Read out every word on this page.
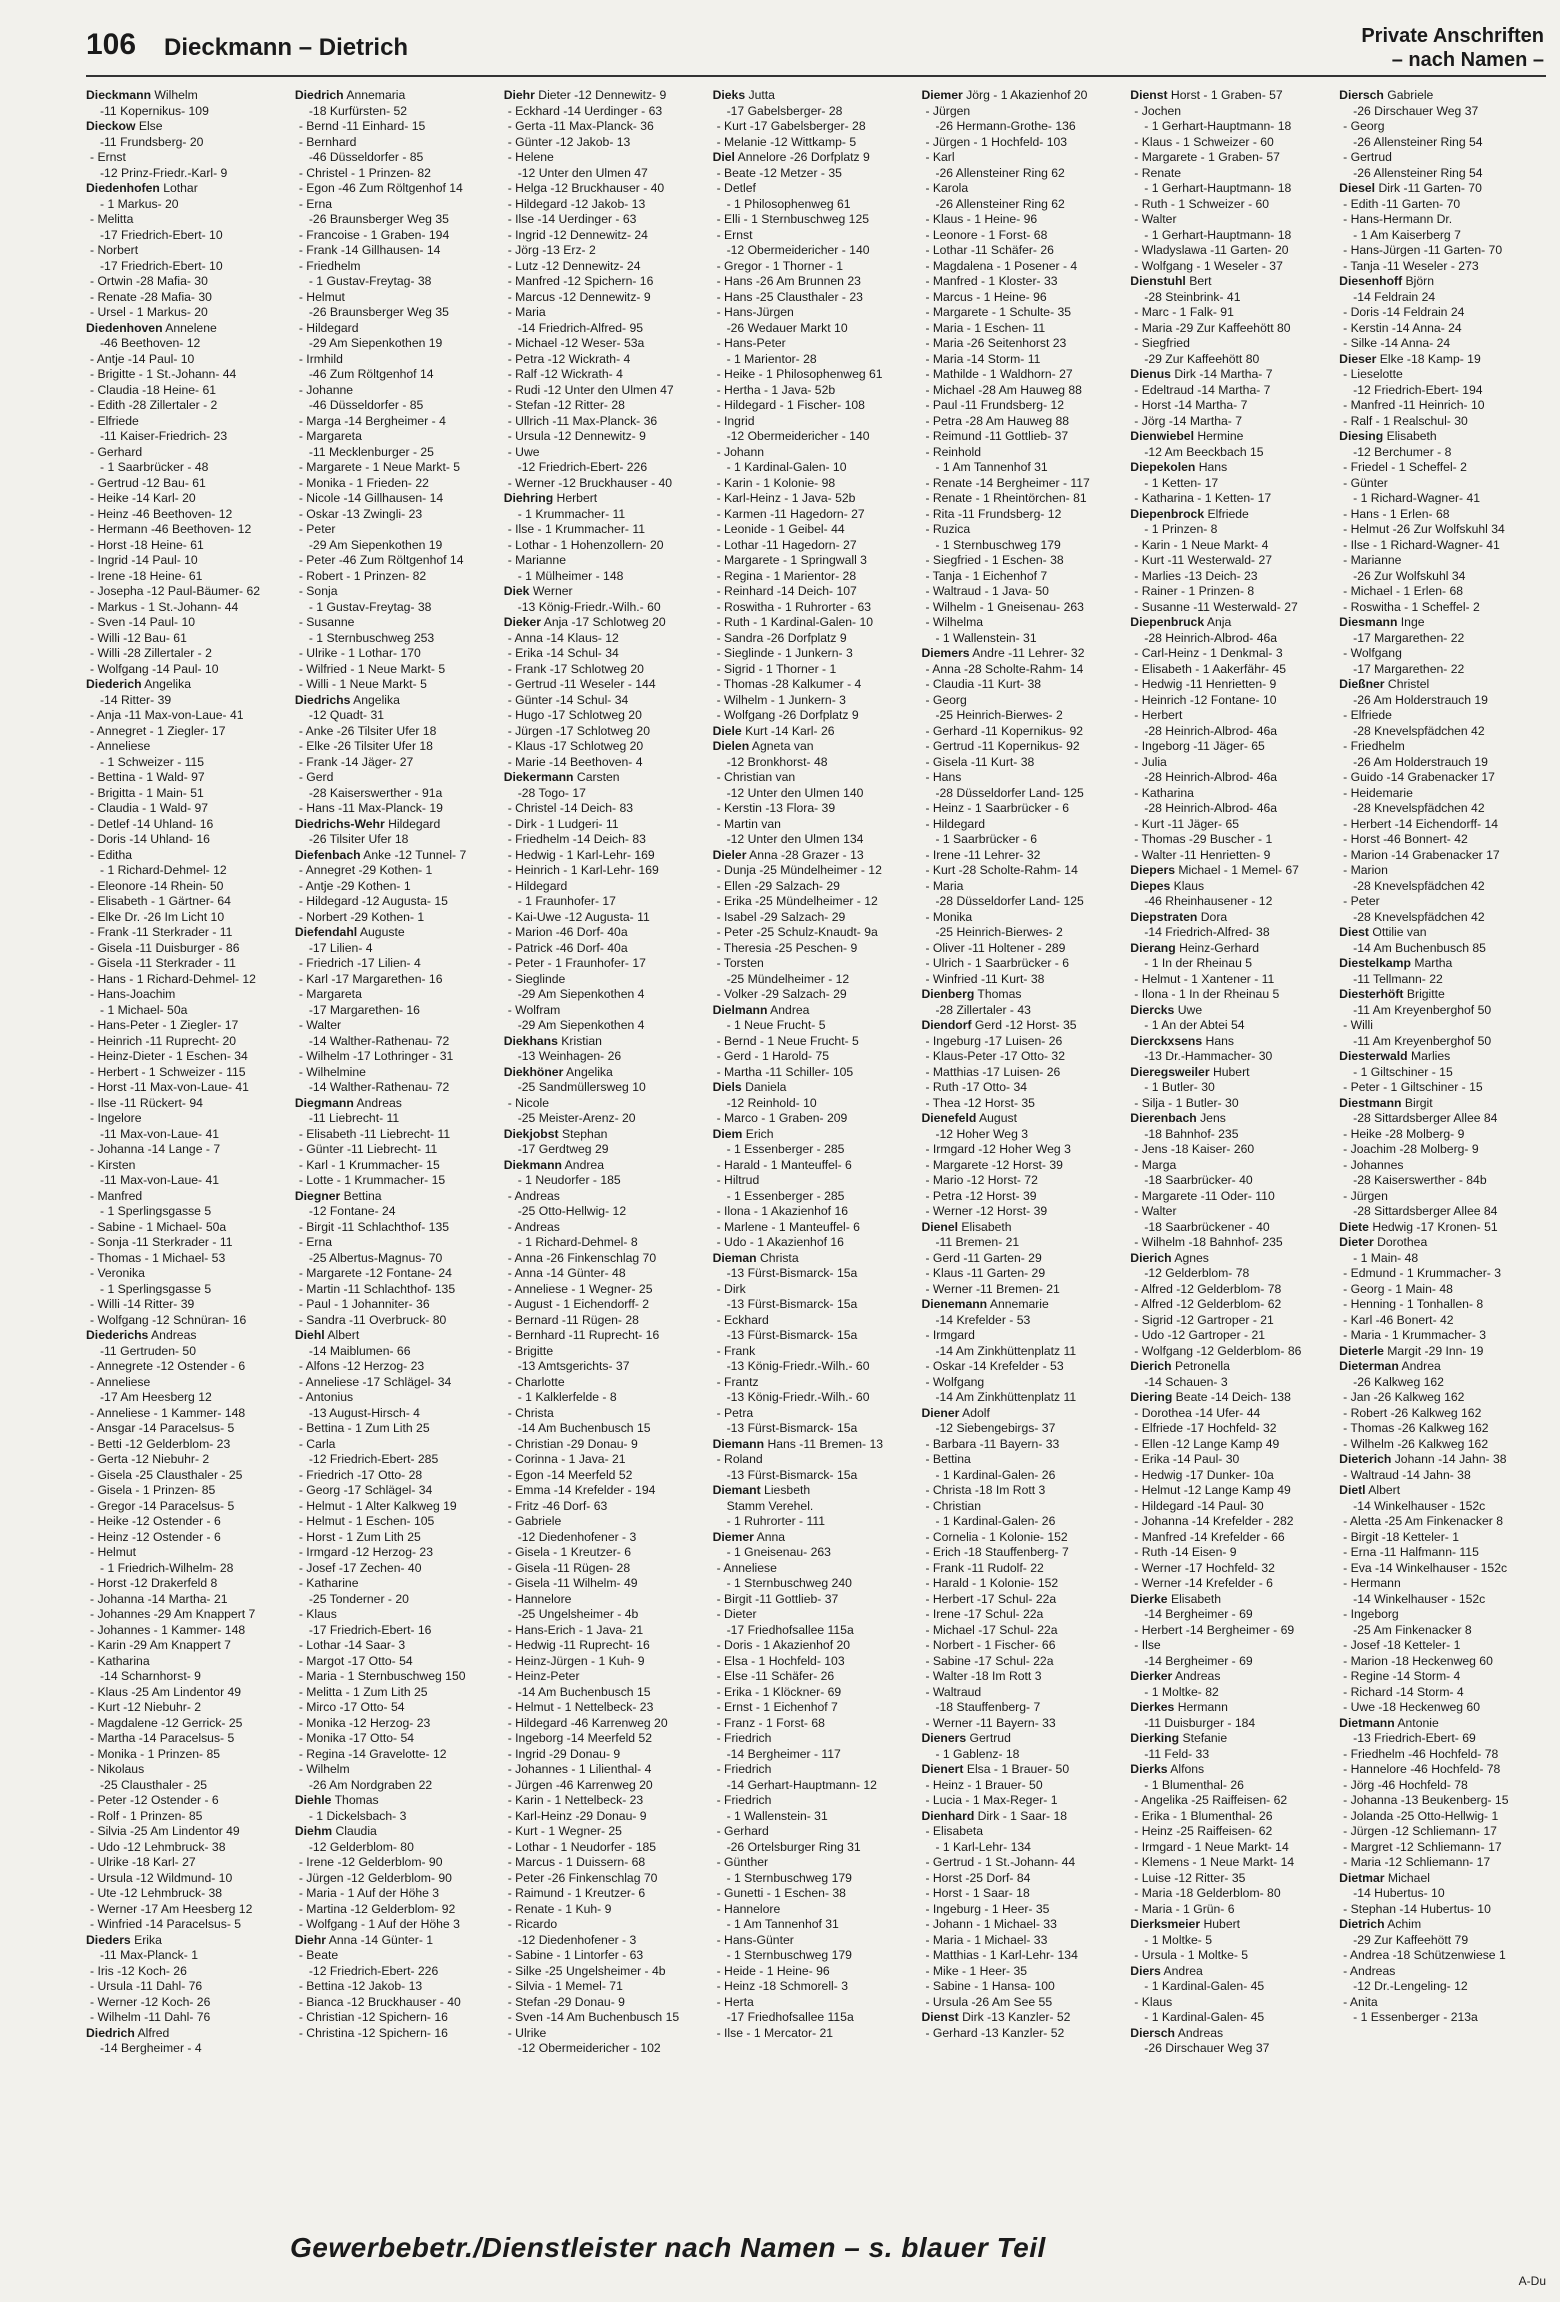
106 Dieckmann – Dietrich	Private Anschriften
– nach Namen –
Dieckmann Wilhelm
-11 Kopernikus- 109
Dieckow Else
-11 Frundsberg- 20
- Ernst
-12 Prinz-Friedr.-Karl- 9
Diedenhofen Lothar
- 1 Markus- 20
- Melitta
-17 Friedrich-Ebert- 10
- Norbert
-17 Friedrich-Ebert- 10
- Ortwin -28 Mafia- 30
- Renate -28 Mafia- 30
- Ursel - 1 Markus- 20
Diedenhoven Annelene
-46 Beethoven- 12
- Antje -14 Paul- 10
- Brigitte - 1 St.-Johann- 44
- Claudia -18 Heine- 61
- Edith -28 Zillertaler - 2
- Elfriede
-11 Kaiser-Friedrich- 23
- Gerhard
- 1 Saarbrücker - 48
- Gertrud -12 Bau- 61
- Heike -14 Karl- 20
- Heinz -46 Beethoven- 12
- Hermann -46 Beethoven- 12
- Horst -18 Heine- 61
- Ingrid -14 Paul- 10
- Irene -18 Heine- 61
- Josepha -12 Paul-Bäumer- 62
- Markus - 1 St.-Johann- 44
- Sven -14 Paul- 10
- Willi -12 Bau- 61
- Willi -28 Zillertaler - 2
- Wolfgang -14 Paul- 10
Diederich Angelika
-14 Ritter- 39
- Anja -11 Max-von-Laue- 41
- Annegret - 1 Ziegler- 17
- Anneliese
- 1 Schweizer - 115
- Bettina - 1 Wald- 97
- Brigitta - 1 Main- 51
- Claudia - 1 Wald- 97
- Detlef -14 Uhland- 16
- Doris -14 Uhland- 16
- Editha
- 1 Richard-Dehmel- 12
- Eleonore -14 Rhein- 50
- Elisabeth - 1 Gärtner- 64
- Elke Dr. -26 Im Licht 10
- Frank -11 Sterkrader - 11
- Gisela -11 Duisburger - 86
- Gisela -11 Sterkrader - 11
- Hans - 1 Richard-Dehmel- 12
- Hans-Joachim
- 1 Michael- 50a
- Hans-Peter - 1 Ziegler- 17
- Heinrich -11 Ruprecht- 20
- Heinz-Dieter - 1 Eschen- 34
- Herbert - 1 Schweizer - 115
- Horst -11 Max-von-Laue- 41
- Ilse -11 Rückert- 94
- Ingelore
-11 Max-von-Laue- 41
- Johanna -14 Lange - 7
- Kirsten
-11 Max-von-Laue- 41
- Manfred
- 1 Sperlingsgasse 5
- Sabine - 1 Michael- 50a
- Sonja -11 Sterkrader - 11
- Thomas - 1 Michael- 53
- Veronika
- 1 Sperlingsgasse 5
- Willi -14 Ritter- 39
- Wolfgang -12 Schnüran- 16
Diederichs Andreas
-11 Gertruden- 50
- Annegrete -12 Ostender - 6
- Anneliese
-17 Am Heesberg 12
- Anneliese - 1 Kammer- 148
- Ansgar -14 Paracelsus- 5
- Betti -12 Gelderblom- 23
- Gerta -12 Niebuhr- 2
- Gisela -25 Clausthaler - 25
- Gisela - 1 Prinzen- 85
- Gregor -14 Paracelsus- 5
- Heike -12 Ostender - 6
- Heinz -12 Ostender - 6
- Helmut
- 1 Friedrich-Wilhelm- 28
- Horst -12 Drakerfeld 8
- Johanna -14 Martha- 21
- Johannes -29 Am Knappert 7
- Johannes - 1 Kammer- 148
- Karin -29 Am Knappert 7
- Katharina
-14 Scharnhorst- 9
- Klaus -25 Am Lindentor 49
- Kurt -12 Niebuhr- 2
- Magdalene -12 Gerrick- 25
- Martha -14 Paracelsus- 5
- Monika - 1 Prinzen- 85
- Nikolaus
-25 Clausthaler - 25
- Peter -12 Ostender - 6
- Rolf - 1 Prinzen- 85
- Silvia -25 Am Lindentor 49
- Udo -12 Lehmbruck- 38
- Ulrike -18 Karl- 27
- Ursula -12 Wildmund- 10
- Ute -12 Lehmbruck- 38
- Werner -17 Am Heesberg 12
- Winfried -14 Paracelsus- 5
Dieders Erika
-11 Max-Planck- 1
- Iris -12 Koch- 26
- Ursula -11 Dahl- 76
- Werner -12 Koch- 26
- Wilhelm -11 Dahl- 76
Diedrich Alfred
-14 Bergheimer - 4
Diedrich Annemaria
-18 Kurfürsten- 52
- Bernd -11 Einhard- 15
- Bernhard
-46 Düsseldorfer - 85
- Christel - 1 Prinzen- 82
- Egon -46 Zum Röltgenhof 14
- Erna
-26 Braunsberger Weg 35
- Francoise - 1 Graben- 194
- Frank -14 Gillhausen- 14
- Friedhelm
- 1 Gustav-Freytag- 38
- Helmut
-26 Braunsberger Weg 35
- Hildegard
-29 Am Siepenkothen 19
- Irmhild
-46 Zum Röltgenhof 14
- Johanne
-46 Düsseldorfer - 85
- Marga -14 Bergheimer - 4
- Margareta
-11 Mecklenburger - 25
- Margarete - 1 Neue Markt- 5
- Monika - 1 Frieden- 22
- Nicole -14 Gillhausen- 14
- Oskar -13 Zwingli- 23
- Peter
-29 Am Siepenkothen 19
- Peter -46 Zum Röltgenhof 14
- Robert - 1 Prinzen- 82
- Sonja
- 1 Gustav-Freytag- 38
- Susanne
- 1 Sternbuschweg 253
- Ulrike - 1 Lothar- 170
- Wilfried - 1 Neue Markt- 5
- Willi - 1 Neue Markt- 5
Diedrichs Angelika
-12 Quadt- 31
- Anke -26 Tilsiter Ufer 18
- Elke -26 Tilsiter Ufer 18
- Frank -14 Jäger- 27
- Gerd
-28 Kaiserswerther - 91a
- Hans -11 Max-Planck- 19
Diedrichs-Wehr Hildegard
-26 Tilsiter Ufer 18
Diefenbach Anke -12 Tunnel- 7
- Annegret -29 Kothen- 1
- Antje -29 Kothen- 1
- Hildegard -12 Augusta- 15
- Norbert -29 Kothen- 1
Diefendahl Auguste
-17 Lilien- 4
- Friedrich -17 Lilien- 4
- Karl -17 Margarethen- 16
- Margareta
-17 Margarethen- 16
- Walter
-14 Walther-Rathenau- 72
- Wilhelm -17 Lothringer - 31
- Wilhelmine
-14 Walther-Rathenau- 72
Diegmann Andreas
-11 Liebrecht- 11
- Elisabeth -11 Liebrecht- 11
- Günter -11 Liebrecht- 11
- Karl - 1 Krummacher- 15
- Lotte - 1 Krummacher- 15
Diegner Bettina
-12 Fontane- 24
- Birgit -11 Schlachthof- 135
- Erna
-25 Albertus-Magnus- 70
- Margarete -12 Fontane- 24
- Martin -11 Schlachthof- 135
- Paul - 1 Johanniter- 36
- Sandra -11 Overbruck- 80
Diehl Albert
-14 Maiblumen- 66
- Alfons -12 Herzog- 23
- Anneliese -17 Schlägel- 34
- Antonius
-13 August-Hirsch- 4
- Bettina - 1 Zum Lith 25
- Carla
-12 Friedrich-Ebert- 285
- Friedrich -17 Otto- 28
- Georg -17 Schlägel- 34
- Helmut - 1 Alter Kalkweg 19
- Helmut - 1 Eschen- 105
- Horst - 1 Zum Lith 25
- Irmgard -12 Herzog- 23
- Josef -17 Zechen- 40
- Katharine
-25 Tondernеr - 20
- Klaus
-17 Friedrich-Ebert- 16
- Lothar -14 Saar- 3
- Margot -17 Otto- 54
- Maria - 1 Sternbuschweg 150
- Melitta - 1 Zum Lith 25
- Mirco -17 Otto- 54
- Monika -12 Herzog- 23
- Monika -17 Otto- 54
- Regina -14 Gravelotte- 12
- Wilhelm
-26 Am Nordgraben 22
Diehle Thomas
- 1 Dickelsbach- 3
Diehm Claudia
-12 Gelderblom- 80
- Irene -12 Gelderblom- 90
- Jürgen -12 Gelderblom- 90
- Maria - 1 Auf der Höhe 3
- Martina -12 Gelderblom- 92
- Wolfgang - 1 Auf der Höhe 3
Diehr Anna -14 Günter- 1
- Beate
-12 Friedrich-Ebert- 226
- Bettina -12 Jakob- 13
- Bianca -12 Bruckhauser - 40
- Christian -12 Spichern- 16
- Christina -12 Spichern- 16
Diehr Dieter -12 Dennewitz- 9
- Eckhard -14 Uerdinger - 63
- Gerta -11 Max-Planck- 36
- Günter -12 Jakob- 13
- Helene
-12 Unter den Ulmen 47
- Helga -12 Bruckhauser - 40
- Hildegard -12 Jakob- 13
- Ilse -14 Uerdinger - 63
- Ingrid -12 Dennewitz- 24
- Jörg -13 Erz- 2
- Lutz -12 Dennewitz- 24
- Manfred -12 Spichern- 16
- Marcus -12 Dennewitz- 9
- Maria
-14 Friedrich-Alfred- 95
- Michael -12 Weser- 53a
- Petra -12 Wickrath- 4
- Ralf -12 Wickrath- 4
- Rudi -12 Unter den Ulmen 47
- Stefan -12 Ritter- 28
- Ullrich -11 Max-Planck- 36
- Ursula -12 Dennewitz- 9
- Uwe
-12 Friedrich-Ebert- 226
- Werner -12 Bruckhauser - 40
Diehring Herbert
- 1 Krummacher- 11
- Ilse - 1 Krummacher- 11
- Lothar - 1 Hohenzollern- 20
- Marianne
- 1 Mülheimer - 148
Diek Werner
-13 König-Friedr.-Wilh.- 60
Dieker Anja -17 Schlotweg 20
- Anna -14 Klaus- 12
- Erika -14 Schul- 34
- Frank -17 Schlotweg 20
- Gertrud -11 Weseler - 144
- Günter -14 Schul- 34
- Hugo -17 Schlotweg 20
- Jürgen -17 Schlotweg 20
- Klaus -17 Schlotweg 20
- Marie -14 Beethoven- 4
Diekermann Carsten
-28 Togo- 17
- Christel -14 Deich- 83
- Dirk - 1 Ludgeri- 11
- Friedhelm -14 Deich- 83
- Hedwig - 1 Karl-Lehr- 169
- Heinrich - 1 Karl-Lehr- 169
- Hildegard
- 1 Fraunhofer- 17
- Kai-Uwe -12 Augusta- 11
- Marion -46 Dorf- 40a
- Patrick -46 Dorf- 40a
- Peter - 1 Fraunhofer- 17
- Sieglinde
-29 Am Siepenkothen 4
- Wolfram
-29 Am Siepenkothen 4
Diekhans Kristian
-13 Weinhagen- 26
Diekhöner Angelika
-25 Sandmüllersweg 10
- Nicole
-25 Meister-Arenz- 20
Diekjobst Stephan
-17 Gerdtweg 29
Diekmann Andrea
- 1 Neudorfer - 185
- Andreas
-25 Otto-Hellwig- 12
- Andreas
- 1 Richard-Dehmel- 8
- Anna -26 Finkenschlag 70
- Anna -14 Günter- 48
- Anneliese - 1 Wegner- 25
- August - 1 Eichendorff- 2
- Bernard -11 Rügen- 28
- Bernhard -11 Ruprecht- 16
- Brigitte
-13 Amtsgerichts- 37
- Charlotte
- 1 Kalklerfelde - 8
- Christa
-14 Am Buchenbusch 15
- Christian -29 Donau- 9
- Corinna - 1 Java- 21
- Egon -14 Meerfeld 52
- Emma -14 Krefelder - 194
- Fritz -46 Dorf- 63
- Gabriele
-12 Diedenhofener - 3
- Gisela - 1 Kreutzer- 6
- Gisela -11 Rügen- 28
- Gisela -11 Wilhelm- 49
- Hannelore
-25 Ungelsheimer - 4b
- Hans-Erich - 1 Java- 21
- Hedwig -11 Ruprecht- 16
- Heinz-Jürgen - 1 Kuh- 9
- Heinz-Peter
-14 Am Buchenbusch 15
- Helmut - 1 Nettelbeck- 23
- Hildegard -46 Karrenweg 20
- Ingeborg -14 Meerfeld 52
- Ingrid -29 Donau- 9
- Johannes - 1 Lilienthal- 4
- Jürgen -46 Karrenweg 20
- Karin - 1 Nettelbeck- 23
- Karl-Heinz -29 Donau- 9
- Kurt - 1 Wegner- 25
- Lothar - 1 Neudorfer - 185
- Marcus - 1 Duissern- 68
- Peter -26 Finkenschlag 70
- Raimund - 1 Kreutzer- 6
- Renate - 1 Kuh- 9
- Ricardo
-12 Diedenhofener - 3
- Sabine - 1 Lintorfer - 63
- Silke -25 Ungelsheimer - 4b
- Silvia - 1 Memel- 71
- Stefan -29 Donau- 9
- Sven -14 Am Buchenbusch 15
- Ulrike
-12 Obermeidericher - 102
Dieks Jutta
-17 Gabelsberger- 28
- Kurt -17 Gabelsberger- 28
- Melanie -12 Wittkamp- 5
Diel Annelore -26 Dorfplatz 9
- Beate -12 Metzer - 35
- Detlef
- 1 Philosophenweg 61
- Elli - 1 Sternbuschweg 125
- Ernst
-12 Obermeidericher - 140
- Gregor - 1 Thorner - 1
- Hans -26 Am Brunnen 23
- Hans -25 Clausthaler - 23
- Hans-Jürgen
-26 Wedauer Markt 10
- Hans-Peter
- 1 Marientor- 28
- Heike - 1 Philosophenweg 61
- Hertha - 1 Java- 52b
- Hildegard - 1 Fischer- 108
- Ingrid
-12 Obermeidericher - 140
- Johann
- 1 Kardinal-Galen- 10
- Karin - 1 Kolonie- 98
- Karl-Heinz - 1 Java- 52b
- Karmen -11 Hagedorn- 27
- Leonide - 1 Geibel- 44
- Lothar -11 Hagedorn- 27
- Margarete - 1 Springwall 3
- Regina - 1 Marientor- 28
- Reinhard -14 Deich- 107
- Roswitha - 1 Ruhrorter - 63
- Ruth - 1 Kardinal-Galen- 10
- Sandra -26 Dorfplatz 9
- Sieglinde - 1 Junkern- 3
- Sigrid - 1 Thorner - 1
- Thomas -28 Kalkumer - 4
- Wilhelm - 1 Junkern- 3
- Wolfgang -26 Dorfplatz 9
Diele Kurt -14 Karl- 26
Dielen Agneta van
-12 Bronkhorst- 48
- Christian van
-12 Unter den Ulmen 140
- Kerstin -13 Flora- 39
- Martin van
-12 Unter den Ulmen 134
Dieler Anna -28 Grazer - 13
- Dunja -25 Mündelheimer - 12
- Ellen -29 Salzach- 29
- Erika -25 Mündelheimer - 12
- Isabel -29 Salzach- 29
- Peter -25 Schulz-Knaudt- 9a
- Theresia -25 Peschen- 9
- Torsten
-25 Mündelheimer - 12
- Volker -29 Salzach- 29
Dielmann Andrea
- 1 Neue Frucht- 5
- Bernd - 1 Neue Frucht- 5
- Gerd - 1 Harold- 75
- Martha -11 Schiller- 105
Diels Daniela
-12 Reinhold- 10
- Marco - 1 Graben- 209
Diem Erich
- 1 Essenberger - 285
- Harald - 1 Manteuffel- 6
- Hiltrud
- 1 Essenberger - 285
- Ilona - 1 Akazienhof 16
- Marlene - 1 Manteuffel- 6
- Udo - 1 Akazienhof 16
Dieman Christa
-13 Fürst-Bismarck- 15a
- Dirk
-13 Fürst-Bismarck- 15a
- Eckhard
-13 Fürst-Bismarck- 15a
- Frank
-13 König-Friedr.-Wilh.- 60
- Frantz
-13 König-Friedr.-Wilh.- 60
- Petra
-13 Fürst-Bismarck- 15a
Diemann Hans -11 Bremen- 13
- Roland
-13 Fürst-Bismarck- 15a
Diemant Liesbeth
Stamm Verehel.
- 1 Ruhrorter - 111
Diemer Anna
- 1 Gneisenau- 263
- Anneliese
- 1 Sternbuschweg 240
- Birgit -11 Gottlieb- 37
- Dieter
-17 Friedhofsallee 115a
- Doris - 1 Akazienhof 20
- Elsa - 1 Hochfeld- 103
- Else -11 Schäfer- 26
- Erika - 1 Klöckner- 69
- Ernst - 1 Eichenhof 7
- Franz - 1 Forst- 68
- Friedrich
-14 Bergheimer - 117
- Friedrich
-14 Gerhart-Hauptmann- 12
- Friedrich
- 1 Wallenstein- 31
- Gerhard
-26 Ortelsburger Ring 31
- Günther
- 1 Sternbuschweg 179
- Gunetti - 1 Eschen- 38
- Hannelore
- 1 Am Tannenhof 31
- Hans-Günter
- 1 Sternbuschweg 179
- Heide - 1 Heine- 96
- Heinz -18 Schmorell- 3
- Herta
-17 Friedhofsallee 115a
- Ilse - 1 Mercator- 21
Diemer Jörg - 1 Akazienhof 20
- Jürgen
-26 Hermann-Grothe- 136
- Jürgen - 1 Hochfeld- 103
- Karl
-26 Allensteiner Ring 62
- Karola
-26 Allensteiner Ring 62
- Klaus - 1 Heine- 96
- Leonore - 1 Forst- 68
- Lothar -11 Schäfer- 26
- Magdalena - 1 Posener - 4
- Manfred - 1 Kloster- 33
- Marcus - 1 Heine- 96
- Margarete - 1 Schulte- 35
- Maria - 1 Eschen- 11
- Maria -26 Seitenhorst 23
- Maria -14 Storm- 11
- Mathilde - 1 Waldhorn- 27
- Michael -28 Am Hauweg 88
- Paul -11 Frundsberg- 12
- Petra -28 Am Hauweg 88
- Reimund -11 Gottlieb- 37
- Reinhold
- 1 Am Tannenhof 31
- Renate -14 Bergheimer - 117
- Renate - 1 Rheintörchen- 81
- Rita -11 Frundsberg- 12
- Ruzica
- 1 Sternbuschweg 179
- Siegfried - 1 Eschen- 38
- Tanja - 1 Eichenhof 7
- Waltraud - 1 Java- 50
- Wilhelm - 1 Gneisenau- 263
- Wilhelma
- 1 Wallenstein- 31
Diemers Andre -11 Lehrer- 32
- Anna -28 Scholte-Rahm- 14
- Claudia -11 Kurt- 38
- Georg
-25 Heinrich-Bierwes- 2
- Gerhard -11 Kopernikus- 92
- Gertrud -11 Kopernikus- 92
- Gisela -11 Kurt- 38
- Hans
-28 Düsseldorfer Land- 125
- Heinz - 1 Saarbrücker - 6
- Hildegard
- 1 Saarbrücker - 6
- Irene -11 Lehrer- 32
- Kurt -28 Scholte-Rahm- 14
- Maria
-28 Düsseldorfer Land- 125
- Monika
-25 Heinrich-Bierwes- 2
- Oliver -11 Holtener - 289
- Ulrich - 1 Saarbrücker - 6
- Winfried -11 Kurt- 38
Dienberg Thomas
-28 Zillertaler - 43
Diendorf Gerd -12 Horst- 35
- Ingeburg -17 Luisen- 26
- Klaus-Peter -17 Otto- 32
- Matthias -17 Luisen- 26
- Ruth -17 Otto- 34
- Thea -12 Horst- 35
Dienefeld August
-12 Hoher Weg 3
- Irmgard -12 Hoher Weg 3
- Margarete -12 Horst- 39
- Mario -12 Horst- 72
- Petra -12 Horst- 39
- Werner -12 Horst- 39
Dienel Elisabeth
-11 Bremen- 21
- Gerd -11 Garten- 29
- Klaus -11 Garten- 29
- Werner -11 Bremen- 21
Dienemann Annemarie
-14 Krefelder - 53
- Irmgard
-14 Am Zinkhüttenplatz 11
- Oskar -14 Krefelder - 53
- Wolfgang
-14 Am Zinkhüttenplatz 11
Diener Adolf
-12 Siebengebirgs- 37
- Barbara -11 Bayern- 33
- Bettina
- 1 Kardinal-Galen- 26
- Christa -18 Im Rott 3
- Christian
- 1 Kardinal-Galen- 26
- Cornelia - 1 Kolonie- 152
- Erich -18 Stauffenberg- 7
- Frank -11 Rudolf- 22
- Harald - 1 Kolonie- 152
- Herbert -17 Schul- 22a
- Irene -17 Schul- 22a
- Michael -17 Schul- 22a
- Norbert - 1 Fischer- 66
- Sabine -17 Schul- 22a
- Walter -18 Im Rott 3
- Waltraud
-18 Stauffenberg- 7
- Werner -11 Bayern- 33
Dieners Gertrud
- 1 Gablenz- 18
Dienert Elsa - 1 Brauer- 50
- Heinz - 1 Brauer- 50
- Lucia - 1 Max-Reger- 1
Dienhard Dirk - 1 Saar- 18
- Elisabeta
- 1 Karl-Lehr- 134
- Gertrud - 1 St.-Johann- 44
- Horst -25 Dorf- 84
- Horst - 1 Saar- 18
- Ingeburg - 1 Heer- 35
- Johann - 1 Michael- 33
- Maria - 1 Michael- 33
- Matthias - 1 Karl-Lehr- 134
- Mike - 1 Heer- 35
- Sabine - 1 Hansa- 100
- Ursula -26 Am See 55
Dienst Dirk -13 Kanzler- 52
- Gerhard -13 Kanzler- 52
Dienst Horst - 1 Graben- 57
- Jochen
- 1 Gerhart-Hauptmann- 18
- Klaus - 1 Schweizer - 60
- Margarete - 1 Graben- 57
- Renate
- 1 Gerhart-Hauptmann- 18
- Ruth - 1 Schweizer - 60
- Walter
- 1 Gerhart-Hauptmann- 18
- Wladyslawa -11 Garten- 20
- Wolfgang - 1 Weseler - 37
Dienstuhl Bert
-28 Steinbrink- 41
- Marc - 1 Falk- 91
- Maria -29 Zur Kaffeehött 80
- Siegfried
-29 Zur Kaffeehött 80
Dienus Dirk -14 Martha- 7
- Edeltraud -14 Martha- 7
- Horst -14 Martha- 7
- Jörg -14 Martha- 7
Dienwiebel Hermine
-12 Am Beeckbach 15
Diepekolen Hans
- 1 Ketten- 17
- Katharina - 1 Ketten- 17
Diepenbrock Elfriede
- 1 Prinzen- 8
- Karin - 1 Neue Markt- 4
- Kurt -11 Westerwald- 27
- Marlies -13 Deich- 23
- Rainer - 1 Prinzen- 8
- Susanne -11 Westerwald- 27
Diepenbruck Anja
-28 Heinrich-Albrod- 46a
- Carl-Heinz - 1 Denkmal- 3
- Elisabeth - 1 Aakerfähr- 45
- Hedwig -11 Henrietten- 9
- Heinrich -12 Fontane- 10
- Herbert
-28 Heinrich-Albrod- 46a
- Ingeborg -11 Jäger- 65
- Julia
-28 Heinrich-Albrod- 46a
- Katharina
-28 Heinrich-Albrod- 46a
- Kurt -11 Jäger- 65
- Thomas -29 Buscher - 1
- Walter -11 Henrietten- 9
Diepers Michael - 1 Memel- 67
Diepes Klaus
-46 Rheinhausener - 12
Diepstraten Dora
-14 Friedrich-Alfred- 38
Dierang Heinz-Gerhard
- 1 In der Rheinau 5
- Helmut - 1 Xantener - 11
- Ilona - 1 In der Rheinau 5
Diercks Uwe
- 1 An der Abtei 54
Dierckxsens Hans
-13 Dr.-Hammacher- 30
Dieregsweiler Hubert
- 1 Butler- 30
- Silja - 1 Butler- 30
Dierenbach Jens
-18 Bahnhof- 235
- Jens -18 Kaiser- 260
- Marga
-18 Saarbrücker- 40
- Margarete -11 Oder- 110
- Walter
-18 Saarbrückener - 40
- Wilhelm -18 Bahnhof- 235
Dierich Agnes
-12 Gelderblom- 78
- Alfred -12 Gelderblom- 78
- Alfred -12 Gelderblom- 62
- Sigrid -12 Gartroper - 21
- Udo -12 Gartroper - 21
- Wolfgang -12 Gelderblom- 86
Dierich Petronella
-14 Schauen- 3
Diering Beate -14 Deich- 138
- Dorothea -14 Ufer- 44
- Elfriede -17 Hochfeld- 32
- Ellen -12 Lange Kamp 49
- Erika -14 Paul- 30
- Hedwig -17 Dunker- 10a
- Helmut -12 Lange Kamp 49
- Hildegard -14 Paul- 30
- Johanna -14 Krefelder - 282
- Manfred -14 Krefelder - 66
- Ruth -14 Eisen- 9
- Werner -17 Hochfeld- 32
- Werner -14 Krefelder - 6
Dierke Elisabeth
-14 Bergheimer - 69
- Herbert -14 Bergheimer - 69
- Ilse
-14 Bergheimer - 69
Dierker Andreas
- 1 Moltke- 82
Dierkes Hermann
-11 Duisburger - 184
Dierking Stefanie
-11 Feld- 33
Dierks Alfons
- 1 Blumenthal- 26
- Angelika -25 Raiffeisen- 62
- Erika - 1 Blumenthal- 26
- Heinz -25 Raiffeisen- 62
- Irmgard - 1 Neue Markt- 14
- Klemens - 1 Neue Markt- 14
- Luise -12 Ritter- 35
- Maria -18 Gelderblom- 80
- Maria - 1 Grün- 6
Dierksmeier Hubert
- 1 Moltke- 5
- Ursula - 1 Moltke- 5
Diers Andrea
- 1 Kardinal-Galen- 45
- Klaus
- 1 Kardinal-Galen- 45
Diersch Andreas
-26 Dirschauer Weg 37
Diersch Gabriele
-26 Dirschauer Weg 37
- Georg
-26 Allensteiner Ring 54
- Gertrud
-26 Allensteiner Ring 54
Diesel Dirk -11 Garten- 70
- Edith -11 Garten- 70
- Hans-Hermann Dr.
- 1 Am Kaiserberg 7
- Hans-Jürgen -11 Garten- 70
- Tanja -11 Weseler - 273
Diesenhoff Björn
-14 Feldrain 24
- Doris -14 Feldrain 24
- Kerstin -14 Anna- 24
- Silke -14 Anna- 24
Dieser Elke -18 Kamp- 19
- Lieselotte
-12 Friedrich-Ebert- 194
- Manfred -11 Heinrich- 10
- Ralf - 1 Realschul- 30
Diesing Elisabeth
-12 Berchumer - 8
- Friedel - 1 Scheffel- 2
- Günter
- 1 Richard-Wagner- 41
- Hans - 1 Erlen- 68
- Helmut -26 Zur Wolfskuhl 34
- Ilse - 1 Richard-Wagner- 41
- Marianne
-26 Zur Wolfskuhl 34
- Michael - 1 Erlen- 68
- Roswitha - 1 Scheffel- 2
Diesmann Inge
-17 Margarethen- 22
- Wolfgang
-17 Margarethen- 22
Dießner Christel
-26 Am Holderstrauch 19
- Elfriede
-28 Knevelspfädchen 42
- Friedhelm
-26 Am Holderstrauch 19
- Guido -14 Grabenacker 17
- Heidemarie
-28 Knevelspfädchen 42
- Herbert -14 Eichendorff- 14
- Horst -46 Bonnert- 42
- Marion -14 Grabenacker 17
- Marion
-28 Knevelspfädchen 42
- Peter
-28 Knevelspfädchen 42
Diest Ottilie van
-14 Am Buchenbusch 85
Diestelkamp Martha
-11 Tellmann- 22
Diesterhöft Brigitte
-11 Am Kreyenberghof 50
- Willi
-11 Am Kreyenberghof 50
Diesterwald Marlies
- 1 Giltschiner - 15
- Peter - 1 Giltschiner - 15
Diestmann Birgit
-28 Sittardsberger Allee 84
- Heike -28 Molberg- 9
- Joachim -28 Molberg- 9
- Johannes
-28 Kaiserswerther - 84b
- Jürgen
-28 Sittardsberger Allee 84
Diete Hedwig -17 Kronen- 51
Dieter Dorothea
- 1 Main- 48
- Edmund - 1 Krummacher- 3
- Georg - 1 Main- 48
- Henning - 1 Tonhallen- 8
- Karl -46 Bonert- 42
- Maria - 1 Krummacher- 3
Dieterle Margit -29 Inn- 19
Dieterman Andrea
-26 Kalkweg 162
- Jan -26 Kalkweg 162
- Robert -26 Kalkweg 162
- Thomas -26 Kalkweg 162
- Wilhelm -26 Kalkweg 162
Dieterich Johann -14 Jahn- 38
- Waltraud -14 Jahn- 38
Dietl Albert
-14 Winkelhauser - 152c
- Aletta -25 Am Finkenacker 8
- Birgit -18 Ketteler- 1
- Erna -11 Halfmann- 115
- Eva -14 Winkelhauser - 152c
- Hermann
-14 Winkelhauser - 152c
- Ingeborg
-25 Am Finkenacker 8
- Josef -18 Ketteler- 1
- Marion -18 Heckenweg 60
- Regine -14 Storm- 4
- Richard -14 Storm- 4
- Uwe -18 Heckenweg 60
Dietmann Antonie
-13 Friedrich-Ebert- 69
- Friedhelm -46 Hochfeld- 78
- Hannelore -46 Hochfeld- 78
- Jörg -46 Hochfeld- 78
- Johanna -13 Beukenberg- 15
- Jolanda -25 Otto-Hellwig- 1
- Jürgen -12 Schliemann- 17
- Margret -12 Schliemann- 17
- Maria -12 Schliemann- 17
Dietmar Michael
-14 Hubertus- 10
- Stephan -14 Hubertus- 10
Dietrich Achim
-29 Zur Kaffeehött 79
- Andrea -18 Schützenwiese 1
- Andreas
-12 Dr.-Lengeling- 12
- Anita
- 1 Essenberger - 213a
Gewerbebetr./Dienstleister nach Namen – s. blauer Teil
A-Du
